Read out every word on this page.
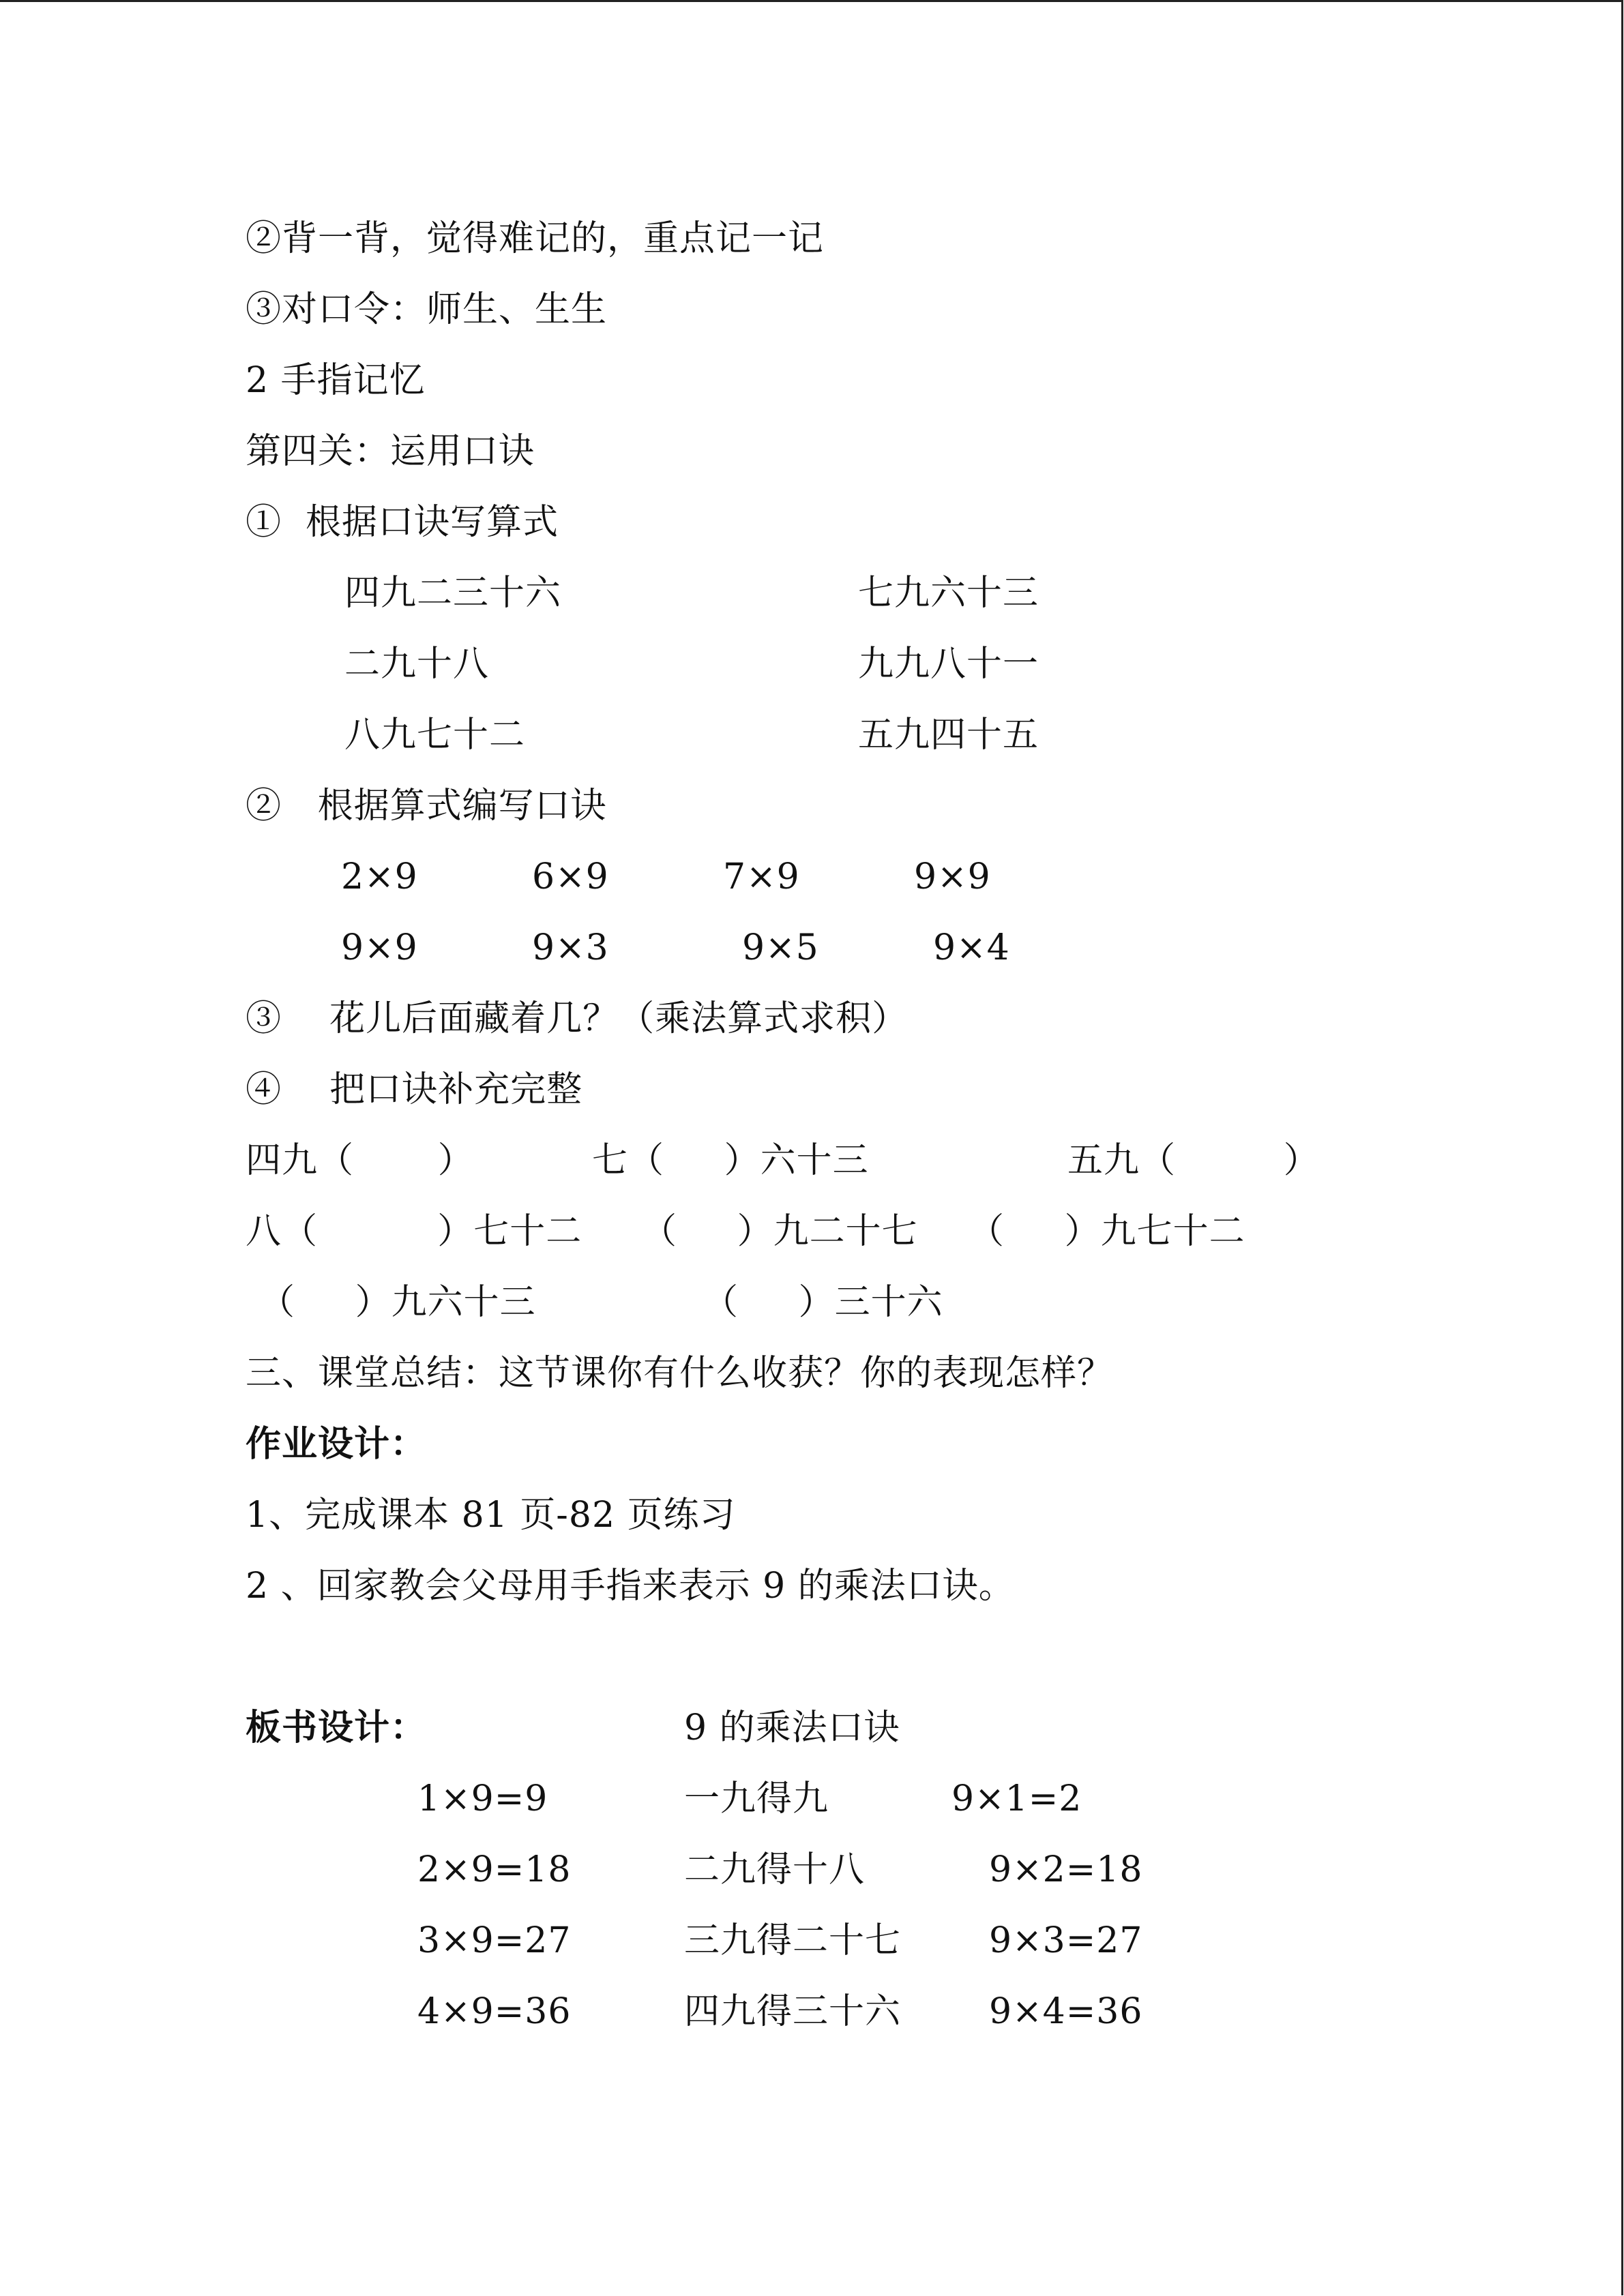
②背一背，觉得难记的，重点记一记
③对口令：师生、生生
2 手指记忆
第四关：运用口诀
①  根据口诀写算式
四九二三十六	七九六十三
二九十八	九九八十一
八九七十二	五九四十五
②   根据算式编写口诀
2×9	6×9	7×9	9×9
9×9	9×3	9×5	9×4
③    花儿后面藏着几？（乘法算式求积）
④    把口诀补充完整
四九（       ）	七（     ）六十三	五九（         ）
八（          ）七十二 （     ）九二十七 （     ）九七十二
（     ）九六十三	（     ）三十六
三、课堂总结：这节课你有什么收获？你的表现怎样？
作业设计：
1、完成课本 81 页-82 页练习
2 、回家教会父母用手指来表示 9 的乘法口诀。
板书设计：	9 的乘法口诀
1×9=9	一九得九	9×1=2
2×9=18	二九得十八	9×2=18
3×9=27	三九得二十七 9×3=27
4×9=36	四九得三十六 9×4=36
